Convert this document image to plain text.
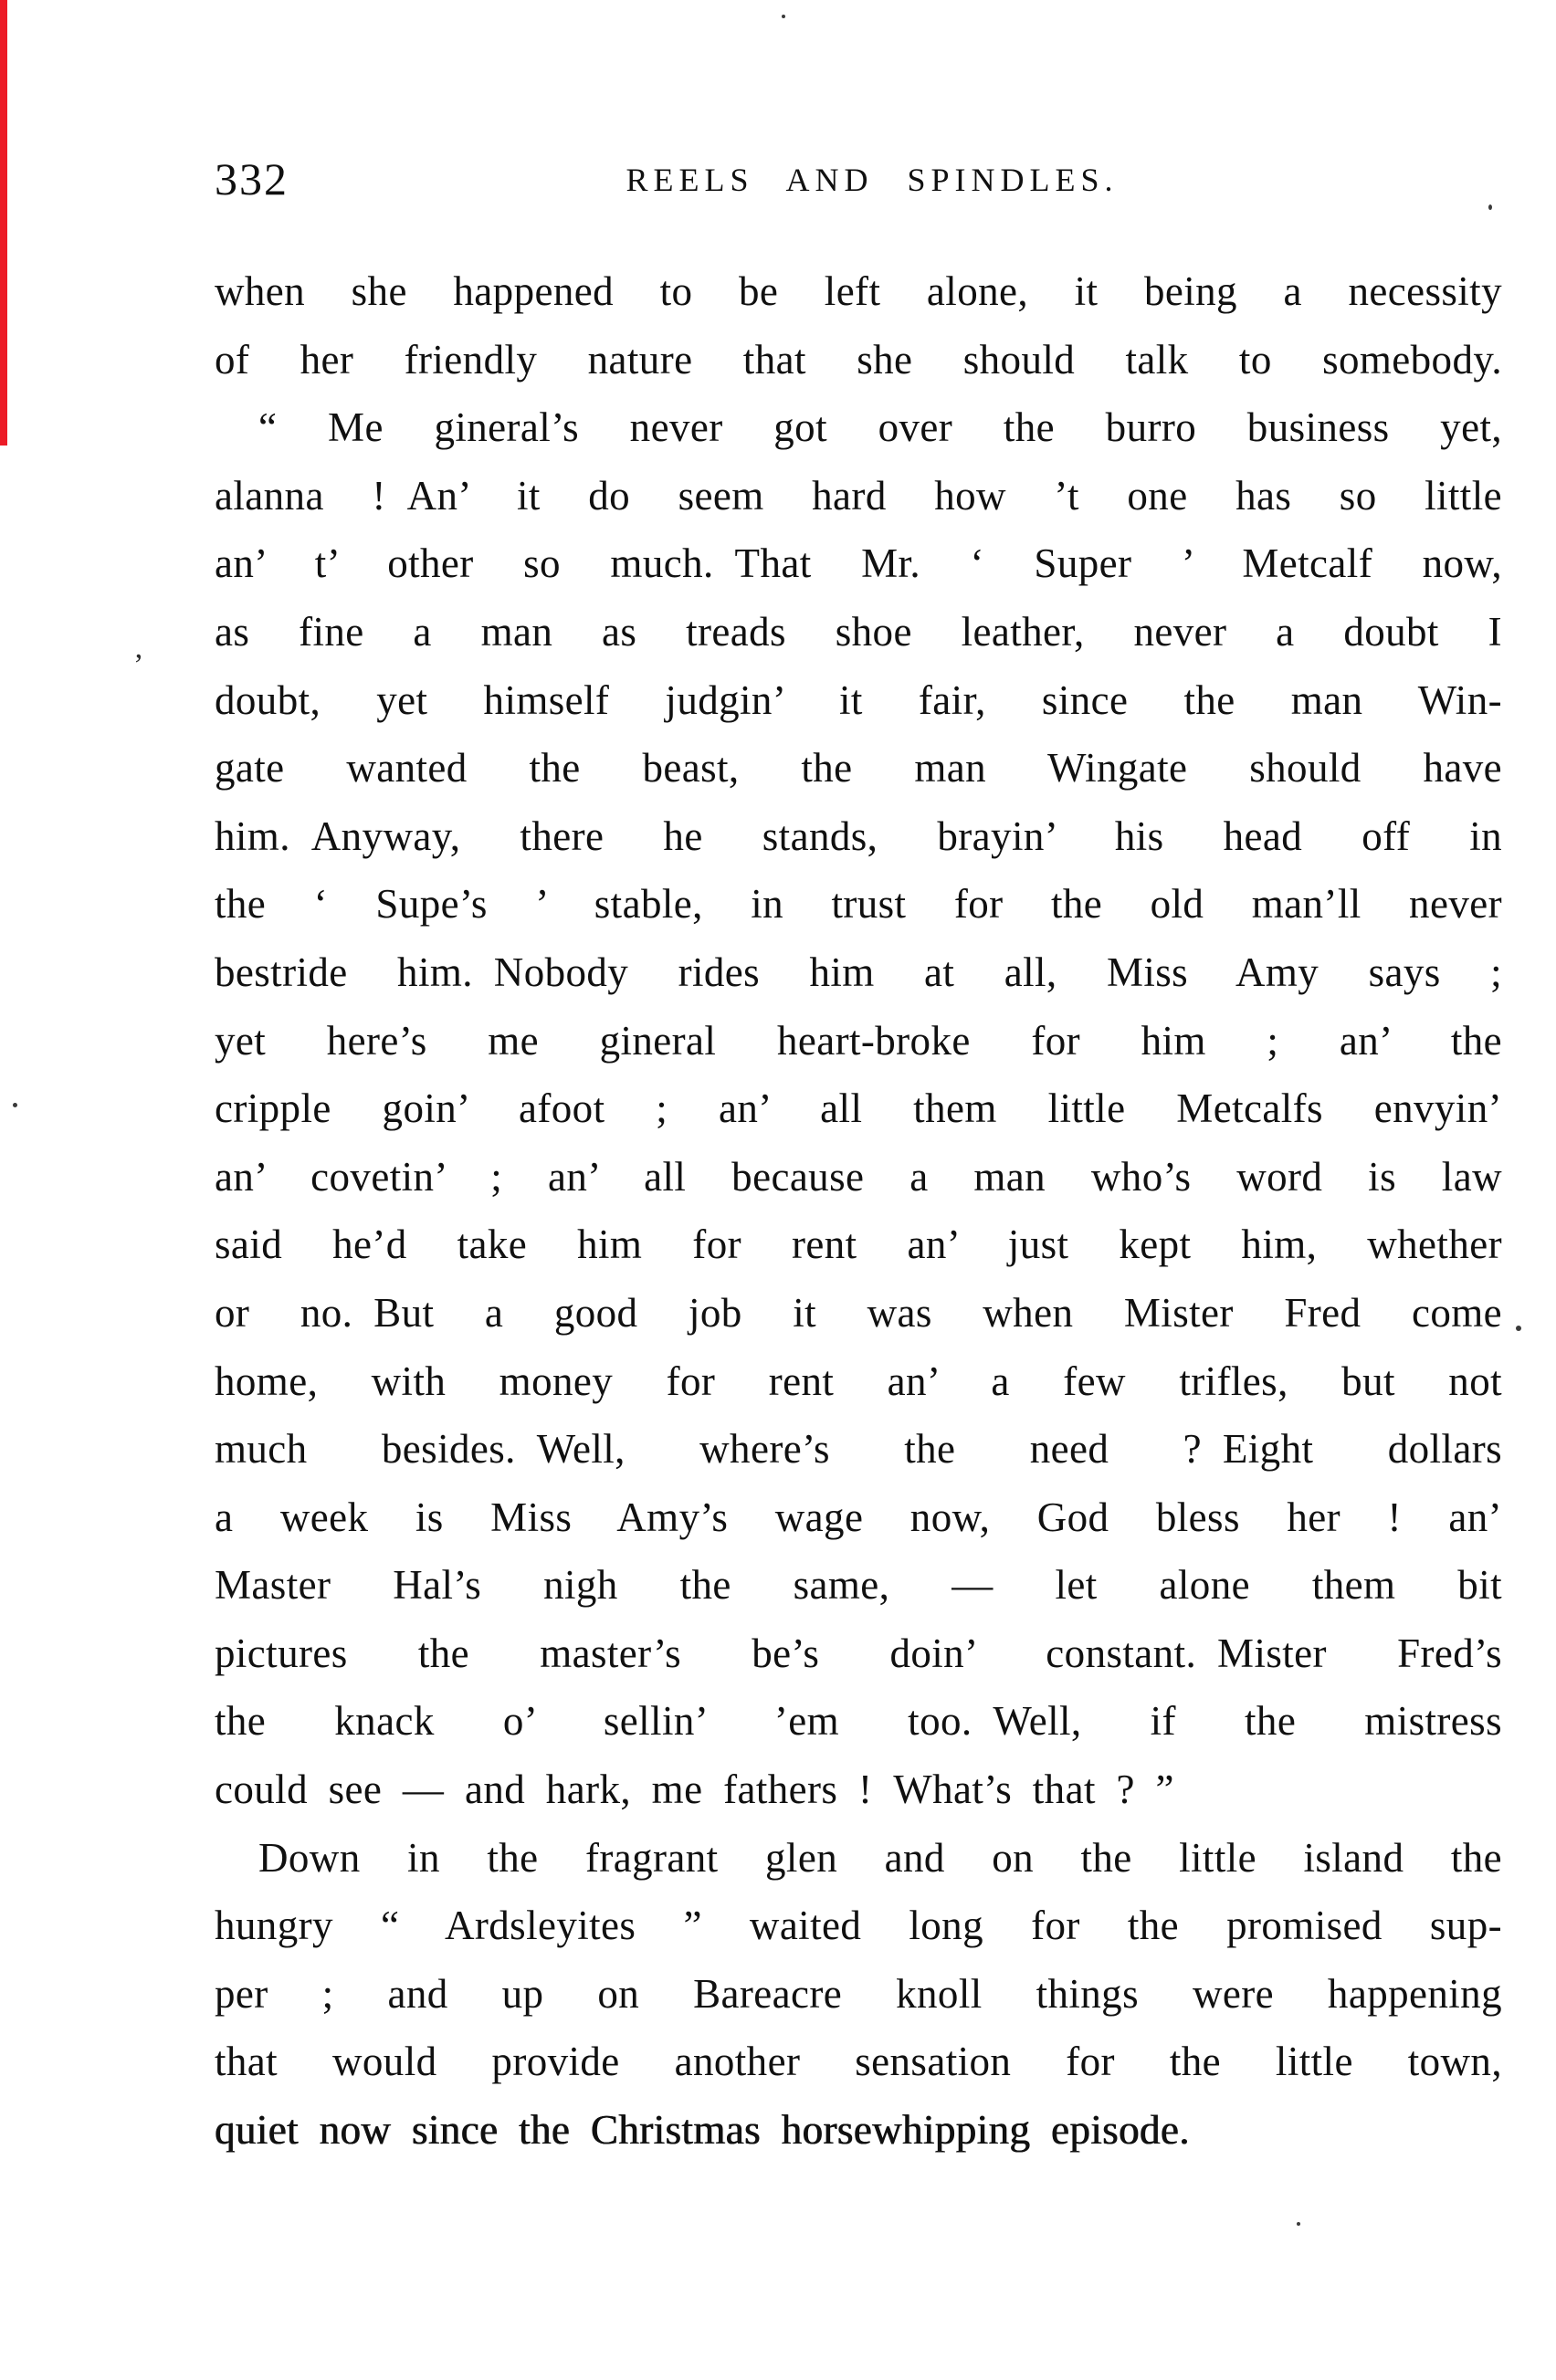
332	REELS AND SPINDLES.
when she happened to be left alone, it being a necessity
of her friendly nature that she should talk to somebody.
“ Me gineral’s never got over the burro business yet,
alanna ! An’ it do seem hard how ’t one has so little
an’ t’ other so much. That Mr. ‘ Super ’ Metcalf now,
as fine a man as treads shoe leather, never a doubt I
doubt, yet himself judgin’ it fair, since the man Win-
gate wanted the beast, the man Wingate should have
him. Anyway, there he stands, brayin’ his head off in
the ‘ Supe’s ’ stable, in trust for the old man’ll never
bestride him. Nobody rides him at all, Miss Amy says ;
yet here’s me gineral heart-broke for him ; an’ the
cripple goin’ afoot ; an’ all them little Metcalfs envyin’
an’ covetin’ ; an’ all because a man who’s word is law
said he’d take him for rent an’ just kept him, whether
or no. But a good job it was when Mister Fred come
home, with money for rent an’ a few trifles, but not
much besides. Well, where’s the need ? Eight dollars
a week is Miss Amy’s wage now, God bless her ! an’
Master Hal’s nigh the same, — let alone them bit
pictures the master’s be’s doin’ constant. Mister Fred’s
the knack o’ sellin’ ’em too. Well, if the mistress
could see — and hark, me fathers ! What’s that ? ”
Down in the fragrant glen and on the little island the
hungry “ Ardsleyites ” waited long for the promised sup-
per ; and up on Bareacre knoll things were happening
that would provide another sensation for the little town,
quiet now since the Christmas horsewhipping episode.
’
